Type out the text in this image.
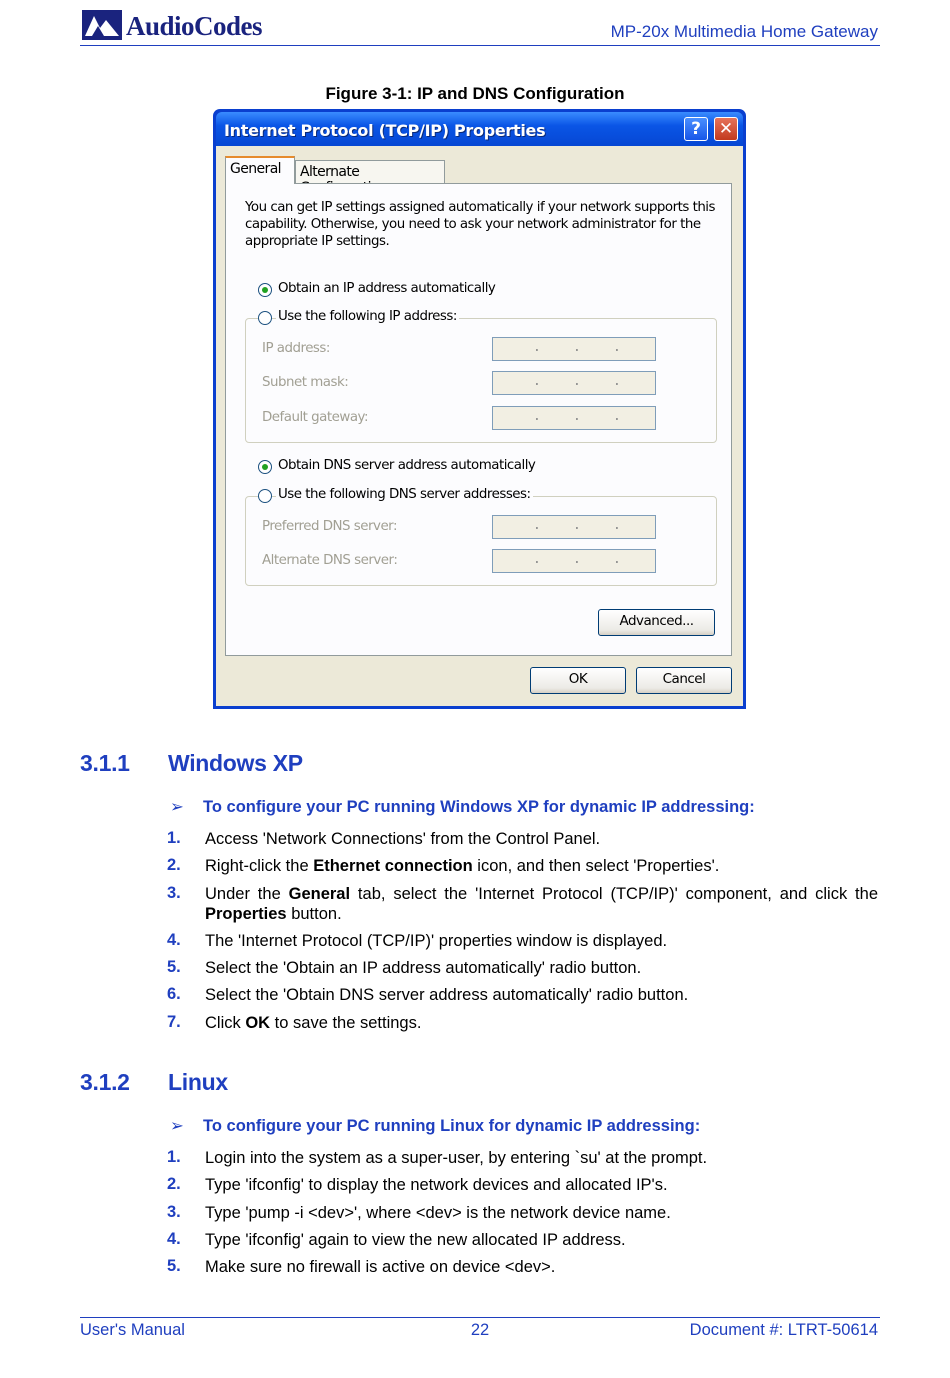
AudioCodes	MP-20x Multimedia Home Gateway
Figure 3-1: IP and DNS Configuration
Internet Protocol (TCP/IP) Properties	?	✕
General	Alternate
You can get IP settings assigned automatically if your network supports this capability. Otherwise, you need to ask your network administrator for the appropriate IP settings.
Obtain an IP address automatically
Use the following IP address:
IP address:	. . .
Subnet mask:	. . .
Default gateway:	. . .
Obtain DNS server address automatically
Use the following DNS server addresses:
Preferred DNS server:	. . .
Alternate DNS server:	. . .
Advanced...
OK	Cancel
3.1.1 Windows XP
➢ To configure your PC running Windows XP for dynamic IP addressing:
1. Access 'Network Connections' from the Control Panel.
2. Right-click the Ethernet connection icon, and then select 'Properties'.
3. Under the General tab, select the 'Internet Protocol (TCP/IP)' component, and click the Properties button.
4. The 'Internet Protocol (TCP/IP)' properties window is displayed.
5. Select the 'Obtain an IP address automatically' radio button.
6. Select the 'Obtain DNS server address automatically' radio button.
7. Click OK to save the settings.
3.1.2 Linux
➢ To configure your PC running Linux for dynamic IP addressing:
1. Login into the system as a super-user, by entering `su' at the prompt.
2. Type 'ifconfig' to display the network devices and allocated IP's.
3. Type 'pump -i <dev>', where <dev> is the network device name.
4. Type 'ifconfig' again to view the new allocated IP address.
5. Make sure no firewall is active on device <dev>.
User's Manual	22	Document #: LTRT-50614
